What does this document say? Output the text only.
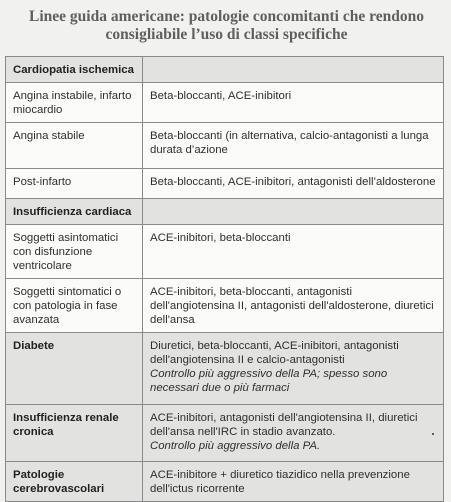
Linee guida americane: patologie concomitanti che rendono
consigliabile l’uso di classi specifiche
Cardiopatia ischemica	
Angina instabile, infarto miocardio	Beta-bloccanti, ACE-inibitori
Angina stabile	Beta-bloccanti (in alternativa, calcio-antagonisti a lunga durata d’azione
Post-infarto	Beta-bloccanti, ACE-inibitori, antagonisti dell’aldosterone
Insufficienza cardiaca	
Soggetti asintomatici con disfunzione ventricolare	ACE-inibitori, beta-bloccanti
Soggetti sintomatici o con patologia in fase avanzata	ACE-inibitori, beta-bloccanti, antagonisti dell'angiotensina II, antagonisti dell'aldosterone, diuretici dell'ansa
Diabete	Diuretici, beta-bloccanti, ACE-inibitori, antagonisti dell'angiotensina II e calcio-antagonisti
Controllo più aggressivo della PA; spesso sono necessari due o più farmaci

Insufficienza renale cronica	ACE-inibitori, antagonisti dell'angiotensina II, diuretici dell'ansa nell'IRC in stadio avanzato.
Controllo più aggressivo della PA.

Patologie cerebrovascolari	ACE-inibitore + diuretico tiazidico nella prevenzione dell'ictus ricorrente
